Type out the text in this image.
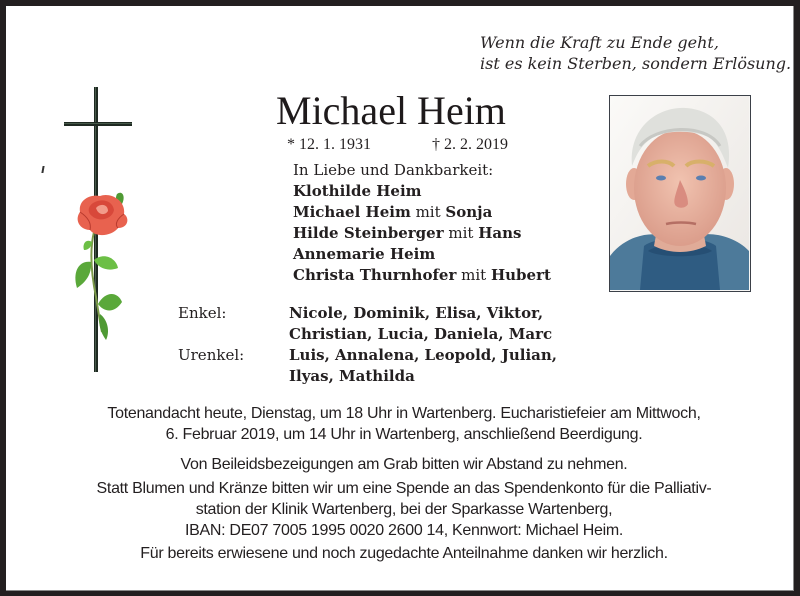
Wenn die Kraft zu Ende geht,
ist es kein Sterben, sondern Erlösung.
Michael Heim
* 12. 1. 1931	† 2. 2. 2019
In Liebe und Dankbarkeit:
Klothilde Heim
Michael Heim mit Sonja
Hilde Steinberger mit Hans
Annemarie Heim
Christa Thurnhofer mit Hubert
Enkel:	Nicole, Dominik, Elisa, Viktor,
Christian, Lucia, Daniela, Marc
Urenkel:	Luis, Annalena, Leopold, Julian,
Ilyas, Mathilda
Totenandacht heute, Dienstag, um 18 Uhr in Wartenberg. Eucharistiefeier am Mittwoch,
6. Februar 2019, um 14 Uhr in Wartenberg, anschließend Beerdigung.
Von Beileidsbezeigungen am Grab bitten wir Abstand zu nehmen.
Statt Blumen und Kränze bitten wir um eine Spende an das Spendenkonto für die Palliativ-
station der Klinik Wartenberg, bei der Sparkasse Wartenberg,
IBAN: DE07 7005 1995 0020 2600 14, Kennwort: Michael Heim.
Für bereits erwiesene und noch zugedachte Anteilnahme danken wir herzlich.
